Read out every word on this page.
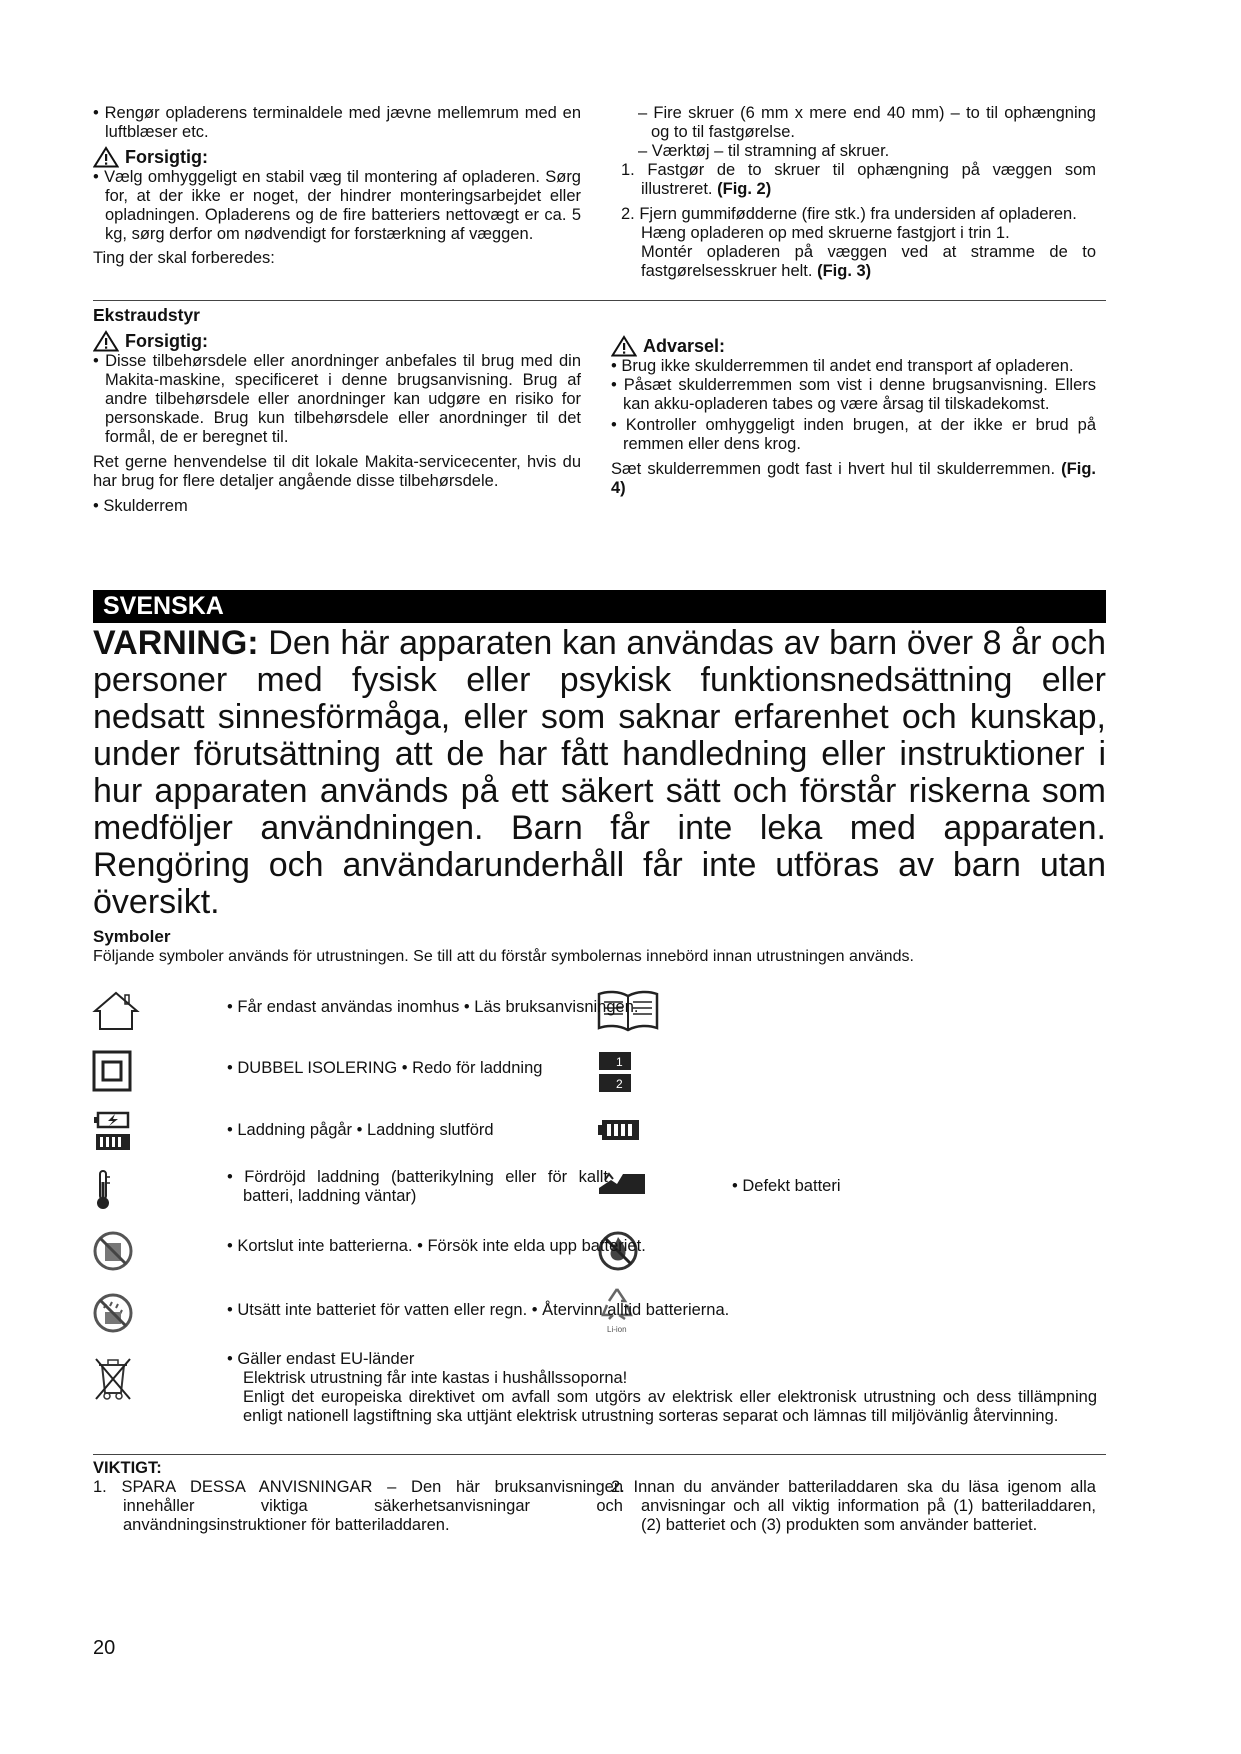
• Rengør opladerens terminaldele med jævne mellemrum med en luftblæser etc.

Forsigtig:

• Vælg omhyggeligt en stabil væg til montering af opladeren. Sørg for, at der ikke er noget, der hindrer monteringsarbejdet eller opladningen. Opladerens og de fire batteriers nettovægt er ca. 5 kg, sørg derfor om nødvendigt for forstærkning af væggen.

Ting der skal forberedes:

– Fire skruer (6 mm x mere end 40 mm) – to til ophængning og to til fastgørelse.

– Værktøj – til stramning af skruer.

1. Fastgør de to skruer til ophængning på væggen som illustreret. (Fig. 2)

2. Fjern gummifødderne (fire stk.) fra undersiden af opladeren.

Hæng opladeren op med skruerne fastgjort i trin 1.

Montér opladeren på væggen ved at stramme de to fastgørelsesskruer helt. (Fig. 3)

Ekstraudstyr

Forsigtig:

• Disse tilbehørsdele eller anordninger anbefales til brug med din Makita-maskine, specificeret i denne brugsanvisning. Brug af andre tilbehørsdele eller anordninger kan udgøre en risiko for personskade. Brug kun tilbehørsdele eller anordninger til det formål, de er beregnet til.

Ret gerne henvendelse til dit lokale Makita-servicecenter, hvis du har brug for flere detaljer angående disse tilbehørsdele.

• Skulderrem

Advarsel:

• Brug ikke skulderremmen til andet end transport af opladeren.

• Påsæt skulderremmen som vist i denne brugsanvisning. Ellers kan akku-opladeren tabes og være årsag til tilskadekomst.

• Kontroller omhyggeligt inden brugen, at der ikke er brud på remmen eller dens krog.

Sæt skulderremmen godt fast i hvert hul til skulderremmen. (Fig. 4)

SVENSKA
VARNING: Den här apparaten kan användas av barn över 8 år och personer med fysisk eller psykisk funktionsnedsättning eller nedsatt sinnesförmåga, eller som saknar erfarenhet och kunskap, under förutsättning att de har fått handledning eller instruktioner i hur apparaten används på ett säkert sätt och förstår riskerna som medföljer användningen. Barn får inte leka med apparaten. Rengöring och användarunderhåll får inte utföras av barn utan översikt.

Symboler

Följande symboler används för utrustningen. Se till att du förstår symbolernas innebörd innan utrustningen används.

1
2
Li-ion
• Får endast användas inomhus • Läs bruksanvisningen.
• DUBBEL ISOLERING • Redo för laddning
• Laddning pågår • Laddning slutförd
• Fördröjd laddning (batterikylning eller för kallt batteri, laddning väntar)
• Defekt batteri
• Kortslut inte batterierna. • Försök inte elda upp batteriet.
• Utsätt inte batteriet för vatten eller regn. • Återvinn alltid batterierna.

• Gäller endast EU-länder

Elektrisk utrustning får inte kastas i hushållssoporna!

Enligt det europeiska direktivet om avfall som utgörs av elektrisk eller elektronisk utrustning och dess tillämpning enligt nationell lagstiftning ska uttjänt elektrisk utrustning sorteras separat och lämnas till miljövänlig återvinning.

VIKTIGT:

1. SPARA DESSA ANVISNINGAR – Den här bruksanvisningen innehåller viktiga säkerhetsanvisningar och användningsinstruktioner för batteriladdaren.

2. Innan du använder batteriladdaren ska du läsa igenom alla anvisningar och all viktig information på (1) batteriladdaren, (2) batteriet och (3) produkten som använder batteriet.
20
